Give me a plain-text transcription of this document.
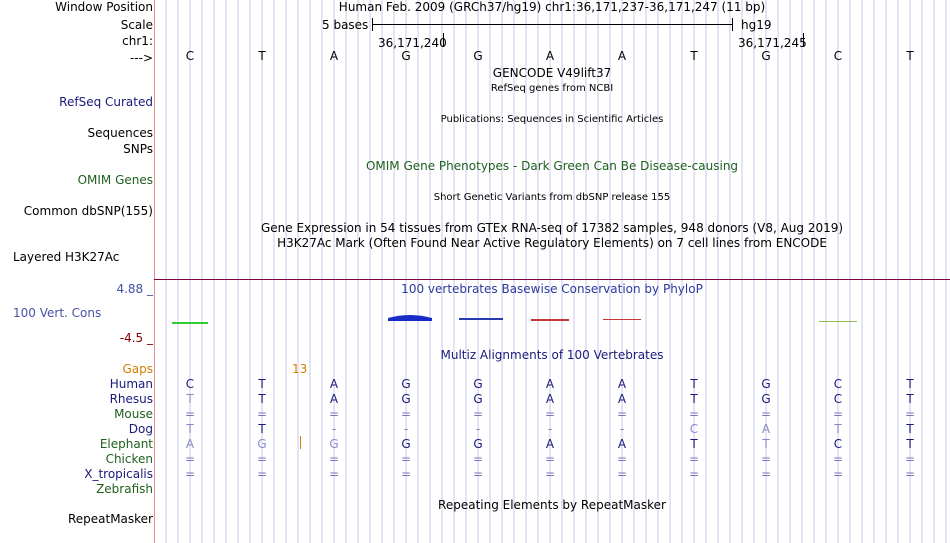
Window Position	Human Feb. 2009 (GRCh37/hg19) chr1:36,171,237-36,171,247 (11 bp)
Scale	5 bases	hg19
chr1:	36,171,240	36,171,245
--->	C	T	A	G	G	A	A	T	G	C	T
GENCODE V49lift37
RefSeq genes from NCBI
RefSeq Curated
Publications: Sequences in Scientific Articles
Sequences
SNPs
OMIM Gene Phenotypes - Dark Green Can Be Disease-causing
OMIM Genes
Short Genetic Variants from dbSNP release 155
Common dbSNP(155)
Gene Expression in 54 tissues from GTEx RNA-seq of 17382 samples, 948 donors (V8, Aug 2019)
H3K27Ac Mark (Often Found Near Active Regulatory Elements) on 7 cell lines from ENCODE
Layered H3K27Ac
4.88 _	100 vertebrates Basewise Conservation by PhyloP
100 Vert. Cons
-4.5 _
Multiz Alignments of 100 Vertebrates
Gaps	13
Human	C	T	A	G	G	A	A	T	G	C	T
Rhesus	T	T	A	G	G	A	A	T	G	C	T
Mouse	=	=	=	=	=	=	=	=	=	=	=
Dog	T	T	-	-	-	-	-	C	A	T	T
Elephant	A	G	G	G	G	A	A	T	T	C	T
Chicken	=	=	=	=	=	=	=	=	=	=	=
X_tropicalis	=	=	=	=	=	=	=	=	=	=	=
Zebrafish
Repeating Elements by RepeatMasker
RepeatMasker
